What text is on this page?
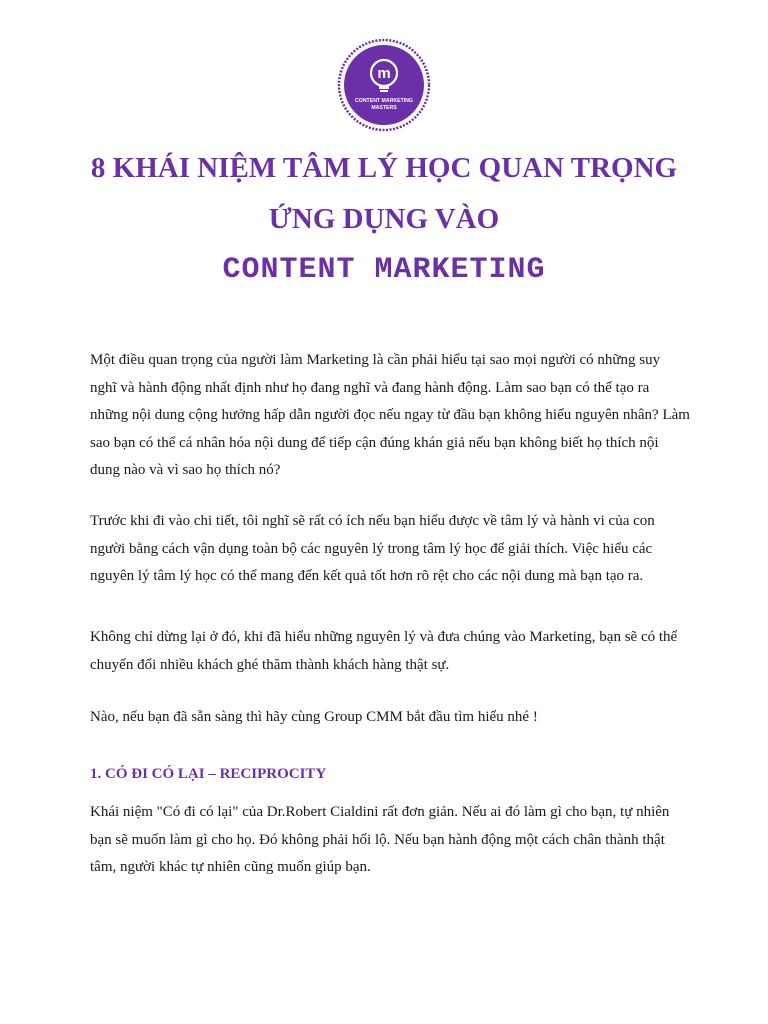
m
CONTENT MARKETING
MASTERS
8 KHÁI NIỆM TÂM LÝ HỌC QUAN TRỌNG
ỨNG DỤNG VÀO
CONTENT MARKETING

Một điều quan trọng của người làm Marketing là cần phải hiểu tại sao mọi người có những suy nghĩ và hành động nhất định như họ đang nghĩ và đang hành động. Làm sao bạn có thể tạo ra những nội dung cộng hưởng hấp dẫn người đọc nếu ngay từ đầu bạn không hiểu nguyên nhân? Làm sao bạn có thể cá nhân hóa nội dung để tiếp cận đúng khán giả nếu bạn không biết họ thích nội dung nào và vì sao họ thích nó?

Trước khi đi vào chi tiết, tôi nghĩ sẽ rất có ích nếu bạn hiểu được về tâm lý và hành vi của con người bằng cách vận dụng toàn bộ các nguyên lý trong tâm lý học để giải thích. Việc hiểu các nguyên lý tâm lý học có thể mang đến kết quả tốt hơn rõ rệt cho các nội dung mà bạn tạo ra.

Không chỉ dừng lại ở đó, khi đã hiểu những nguyên lý và đưa chúng vào Marketing, bạn sẽ có thể chuyển đổi nhiều khách ghé thăm thành khách hàng thật sự.

Nào, nếu bạn đã sẵn sàng thì hãy cùng Group CMM bắt đầu tìm hiểu nhé !

1. CÓ ĐI CÓ LẠI – RECIPROCITY

Khái niệm "Có đi có lại" của Dr.Robert Cialdini rất đơn giản. Nếu ai đó làm gì cho bạn, tự nhiên bạn sẽ muốn làm gì cho họ. Đó không phải hối lộ. Nếu bạn hành động một cách chân thành thật tâm, người khác tự nhiên cũng muốn giúp bạn.
